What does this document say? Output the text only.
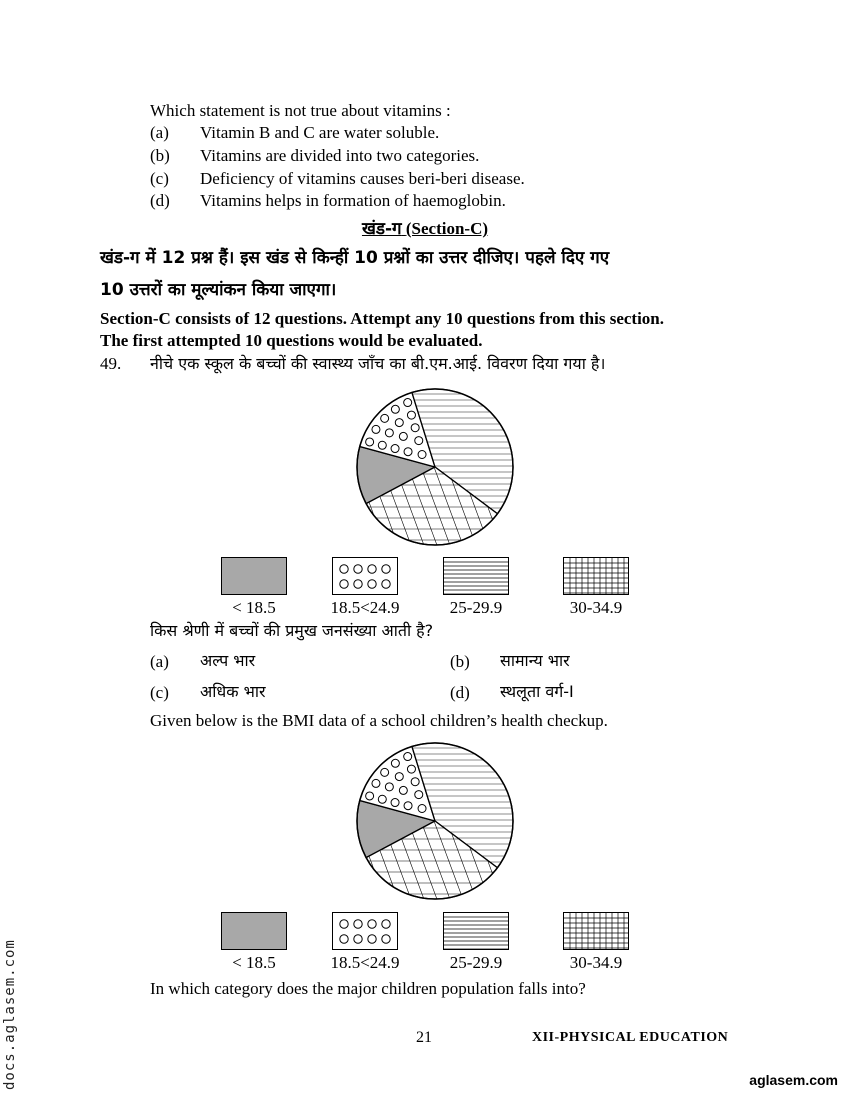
Which statement is not true about vitamins :
(a) Vitamin B and C are water soluble.
(b) Vitamins are divided into two categories.
(c) Deficiency of vitamins causes beri-beri disease.
(d) Vitamins helps in formation of haemoglobin.
खंड-ग (Section-C)
खंड-ग में 12 प्रश्न हैं। इस खंड से किन्हीं 10 प्रश्नों का उत्तर दीजिए। पहले दिए गए
10 उत्तरों का मूल्यांकन किया जाएगा।
Section-C consists of 12 questions. Attempt any 10 questions from this section.
The first attempted 10 questions would be evaluated.
49. नीचे एक स्कूल के बच्चों की स्वास्थ्य जाँच का बी.एम.आई. विवरण दिया गया है।
< 18.5	18.5<24.9	25-29.9	30-34.9
किस श्रेणी में बच्चों की प्रमुख जनसंख्या आती है?
(a) अल्प भार	(b) सामान्य भार
(c) अधिक भार	(d) स्थलूता वर्ग-I
Given below is the BMI data of a school children’s health checkup.
< 18.5	18.5<24.9	25-29.9	30-34.9
In which category does the major children population falls into?
21	XII-PHYSICAL EDUCATION
aglasem.com
docs.aglasem.com
